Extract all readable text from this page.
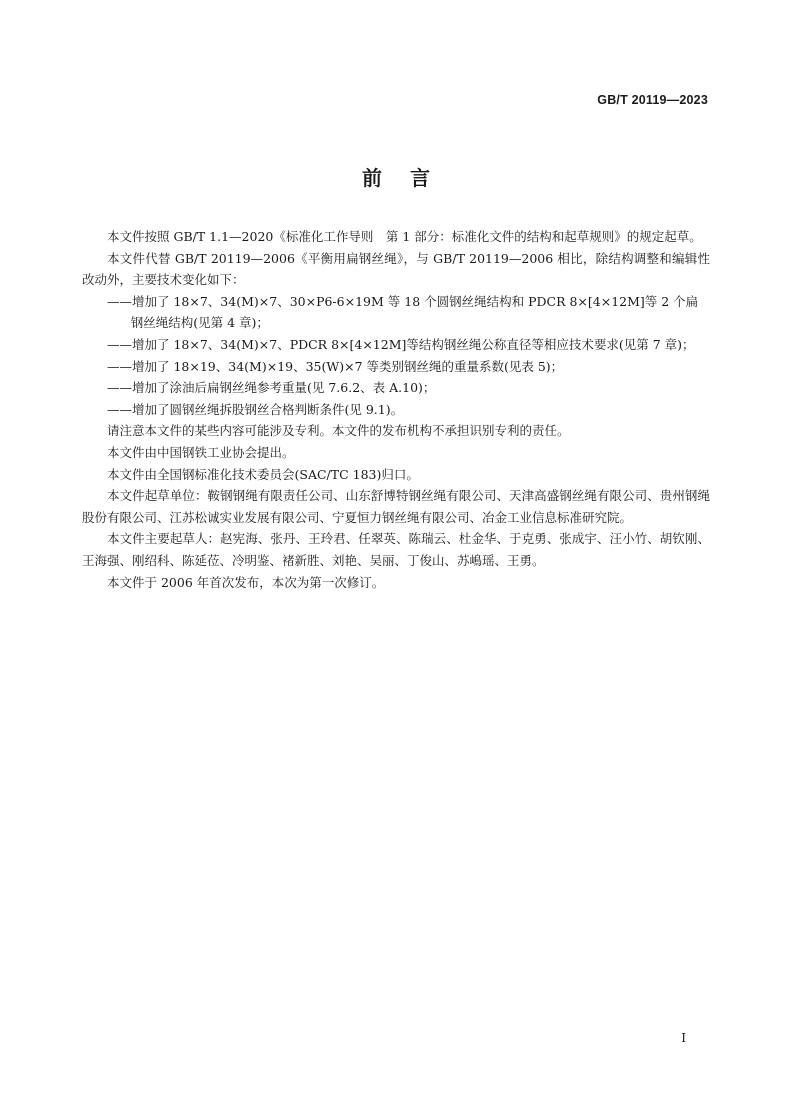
GB/T 20119—2023
前 言

本文件按照 GB/T 1.1—2020《标准化工作导则　第 1 部分：标准化文件的结构和起草规则》的规定起草。

本文件代替 GB/T 20119—2006《平衡用扁钢丝绳》，与 GB/T 20119—2006 相比，除结构调整和编辑性改动外，主要技术变化如下：

——增加了 18×7、34(M)×7、30×P6-6×19M 等 18 个圆钢丝绳结构和 PDCR 8×[4×12M]等 2 个扁钢丝绳结构(见第 4 章)；

——增加了 18×7、34(M)×7、PDCR 8×[4×12M]等结构钢丝绳公称直径等相应技术要求(见第 7 章)；

——增加了 18×19、34(M)×19、35(W)×7 等类别钢丝绳的重量系数(见表 5)；

——增加了涂油后扁钢丝绳参考重量(见 7.6.2、表 A.10)；

——增加了圆钢丝绳拆股钢丝合格判断条件(见 9.1)。

请注意本文件的某些内容可能涉及专利。本文件的发布机构不承担识别专利的责任。

本文件由中国钢铁工业协会提出。

本文件由全国钢标准化技术委员会(SAC/TC 183)归口。

本文件起草单位：鞍钢钢绳有限责任公司、山东舒博特钢丝绳有限公司、天津高盛钢丝绳有限公司、贵州钢绳股份有限公司、江苏松诚实业发展有限公司、宁夏恒力钢丝绳有限公司、冶金工业信息标准研究院。

本文件主要起草人：赵宪海、张丹、王玲君、任翠英、陈瑞云、杜金华、于克勇、张成宇、汪小竹、胡钦刚、王海强、刚绍科、陈延莅、冷明鉴、褚新胜、刘艳、吴丽、丁俊山、苏嶋瑶、王勇。

本文件于 2006 年首次发布，本次为第一次修订。

I
